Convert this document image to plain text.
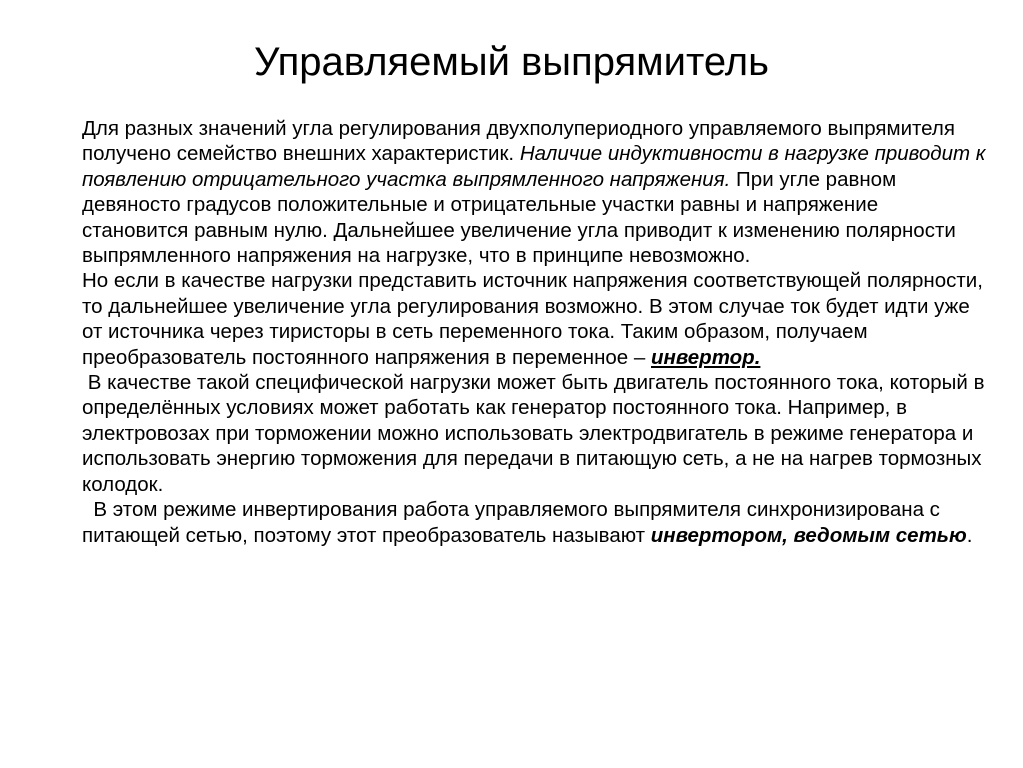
Управляемый выпрямитель

Для разных значений угла регулирования двухполупериодного управляемого выпрямителя получено семейство внешних характеристик. Наличие индуктивности в нагрузке приводит к появлению отрицательного участка выпрямленного напряжения. При угле равном девяносто градусов положительные и отрицательные участки равны и напряжение становится равным нулю. Дальнейшее увеличение угла приводит к изменению полярности выпрямленного напряжения на нагрузке, что в принципе невозможно.

Но если в качестве нагрузки представить источник напряжения соответствующей полярности, то дальнейшее увеличение угла регулирования возможно. В этом случае ток будет идти уже от источника через тиристоры в сеть переменного тока. Таким образом, получаем преобразователь постоянного напряжения в переменное – инвертор.

В качестве такой специфической нагрузки может быть двигатель постоянного тока, который в определённых условиях может работать как генератор постоянного тока. Например, в электровозах при торможении можно использовать электродвигатель в режиме генератора и использовать энергию торможения для передачи в питающую сеть, а не на нагрев тормозных колодок.

В этом режиме инвертирования работа управляемого выпрямителя синхронизирована с питающей сетью, поэтому этот преобразователь называют инвертором, ведомым сетью.
